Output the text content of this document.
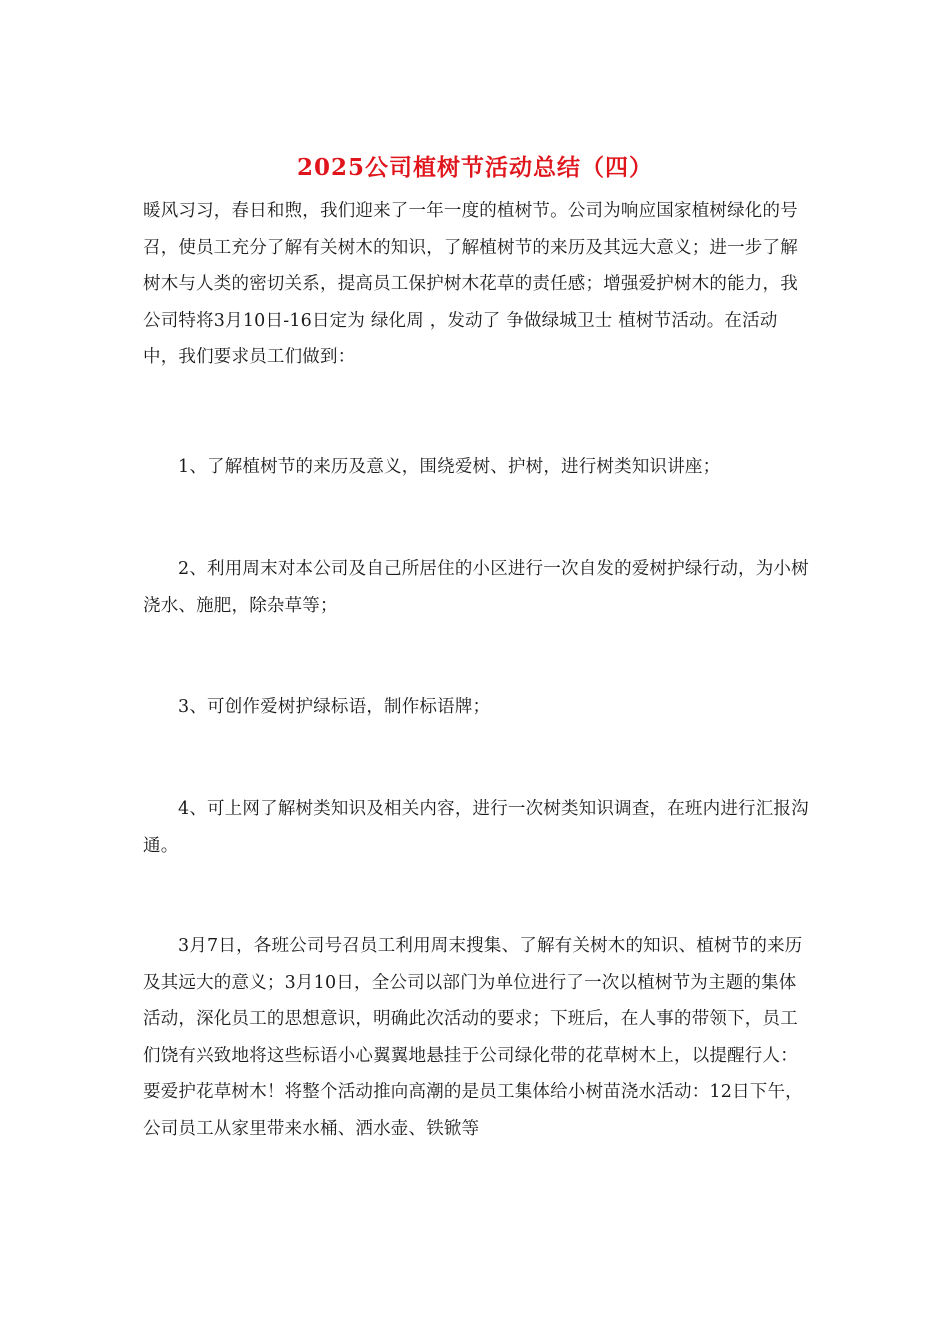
2025公司植树节活动总结（四）
暖风习习，春日和煦，我们迎来了一年一度的植树节。公司为响应国家植树绿化的号召，使员工充分了解有关树木的知识，了解植树节的来历及其远大意义；进一步了解树木与人类的密切关系，提高员工保护树木花草的责任感；增强爱护树木的能力，我公司特将3月10日-16日定为 绿化周 ，发动了 争做绿城卫士 植树节活动。在活动中，我们要求员工们做到：
1、了解植树节的来历及意义，围绕爱树、护树，进行树类知识讲座；
2、利用周末对本公司及自己所居住的小区进行一次自发的爱树护绿行动，为小树浇水、施肥，除杂草等；
3、可创作爱树护绿标语，制作标语牌；
4、可上网了解树类知识及相关内容，进行一次树类知识调查，在班内进行汇报沟通。
3月7日，各班公司号召员工利用周末搜集、了解有关树木的知识、植树节的来历及其远大的意义；3月10日，全公司以部门为单位进行了一次以植树节为主题的集体活动，深化员工的思想意识，明确此次活动的要求；下班后，在人事的带领下，员工们饶有兴致地将这些标语小心翼翼地悬挂于公司绿化带的花草树木上，以提醒行人：要爱护花草树木！将整个活动推向高潮的是员工集体给小树苗浇水活动：12日下午，公司员工从家里带来水桶、洒水壶、铁锨等
